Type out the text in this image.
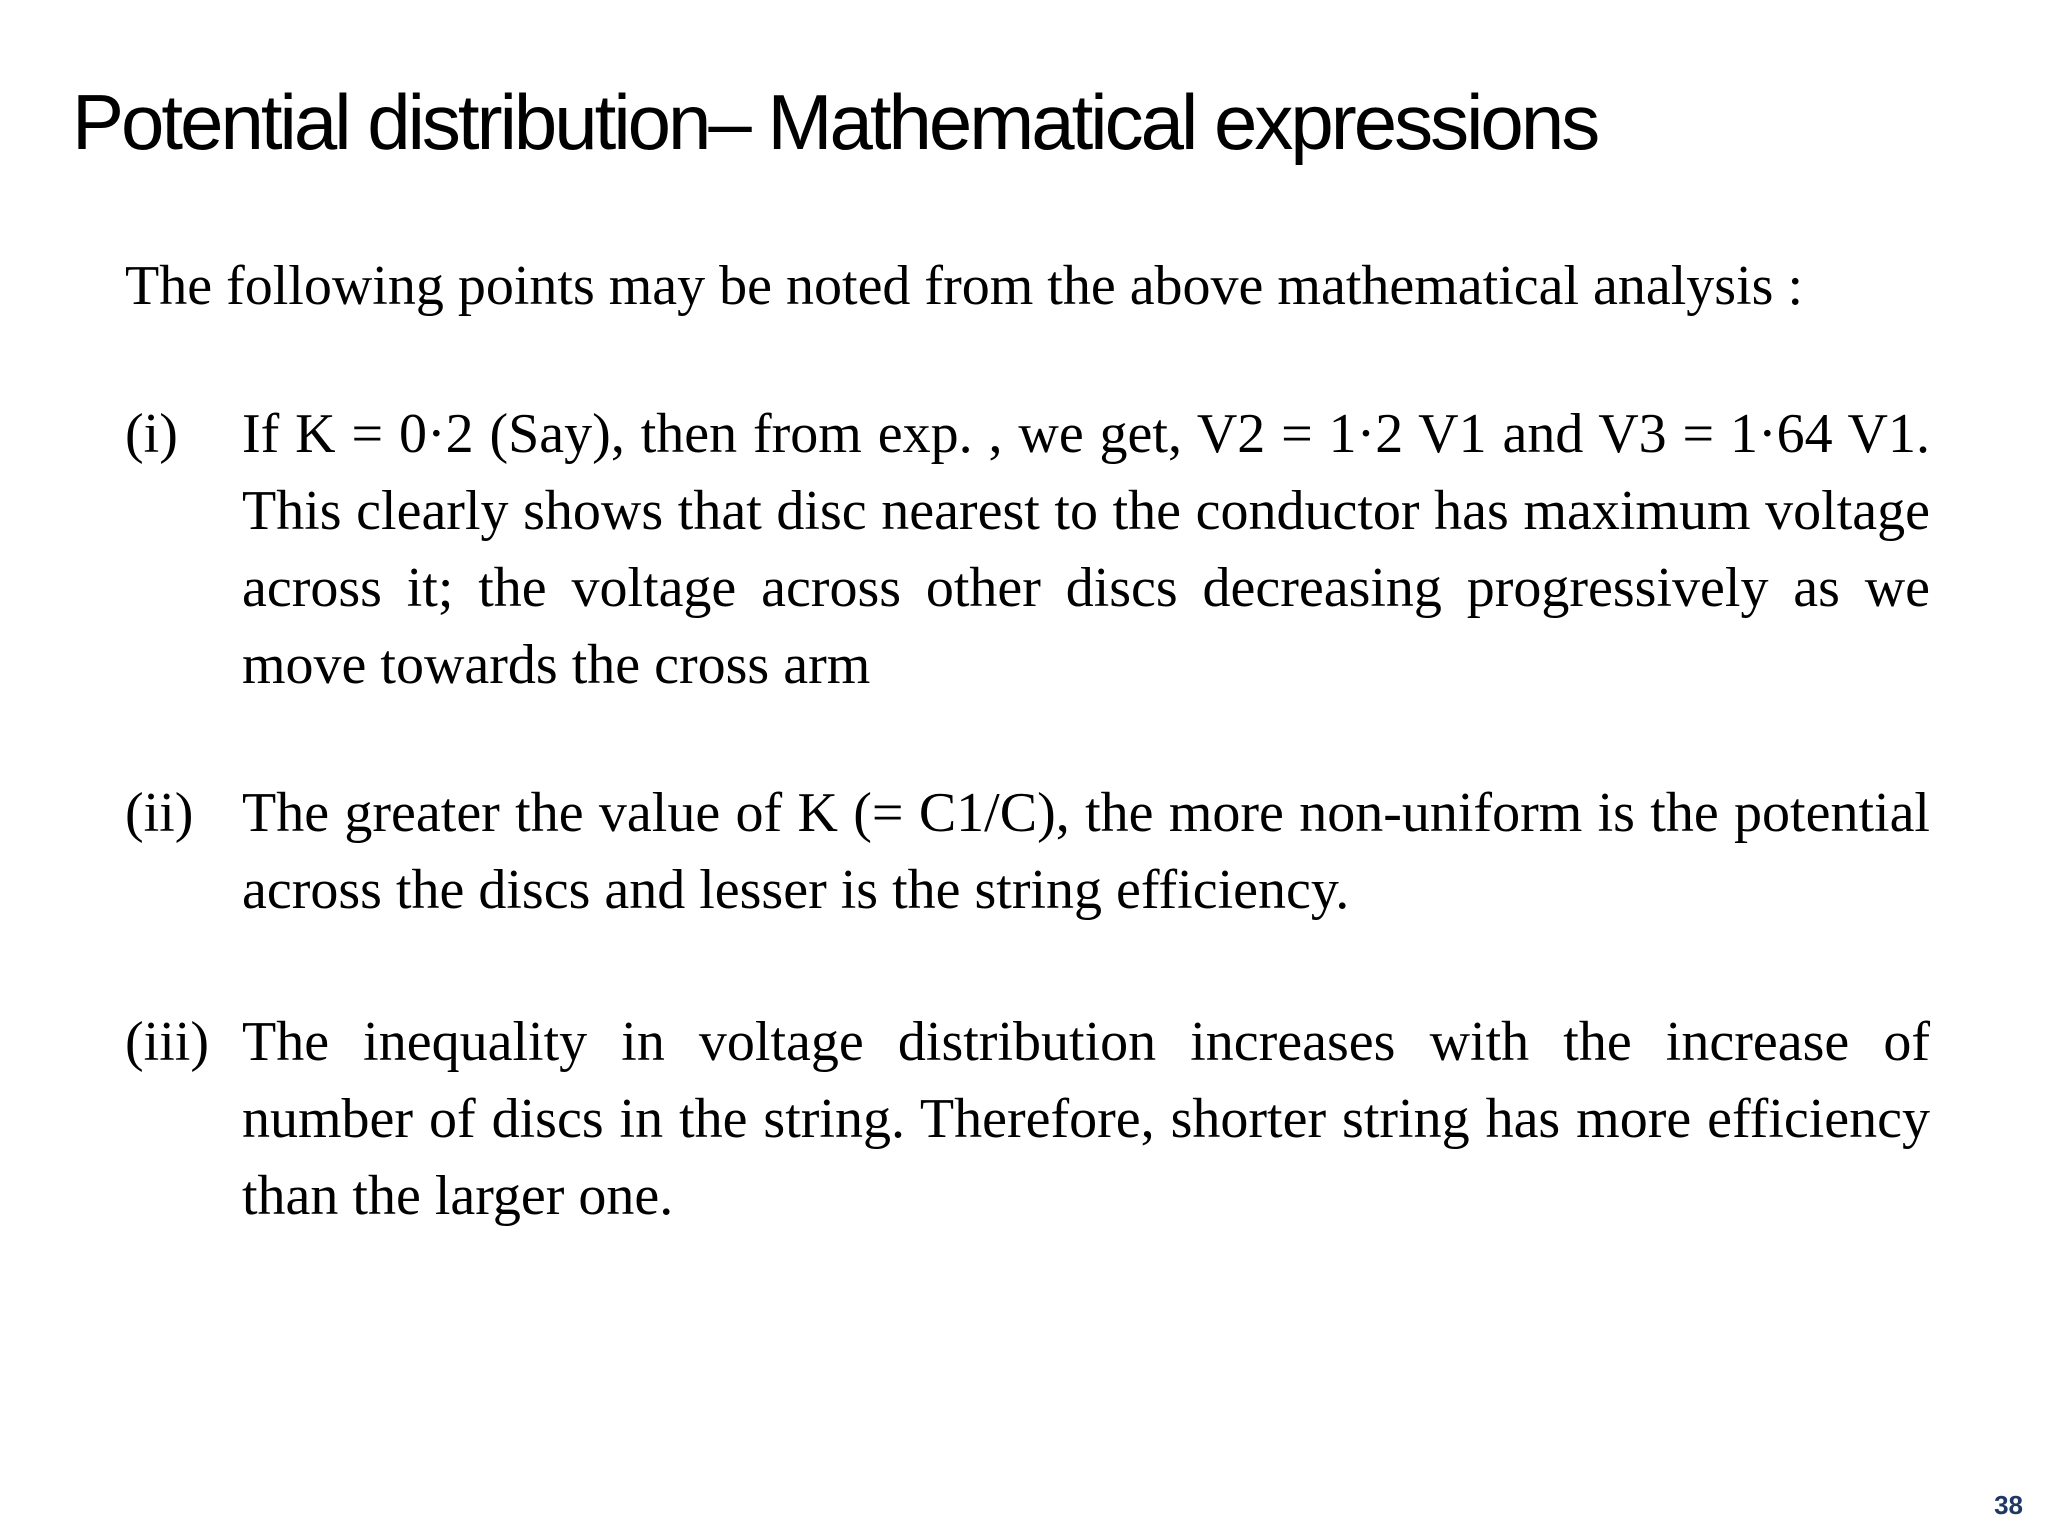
Potential distribution– Mathematical expressions

The following points may be noted from the above mathematical analysis :

(i) If K = 0·2 (Say), then from exp. , we get, V2 = 1·2 V1 and V3 = 1·64 V1. This clearly shows that disc nearest to the conductor has maximum voltage across it; the voltage across other discs decreasing progressively as we move towards the cross arm

(ii) The greater the value of K (= C1/C), the more non-uniform is the potential across the discs and lesser is the string efficiency.

(iii) The inequality in voltage distribution increases with the increase of number of discs in the string. Therefore, shorter string has more efficiency than the larger one.

38
